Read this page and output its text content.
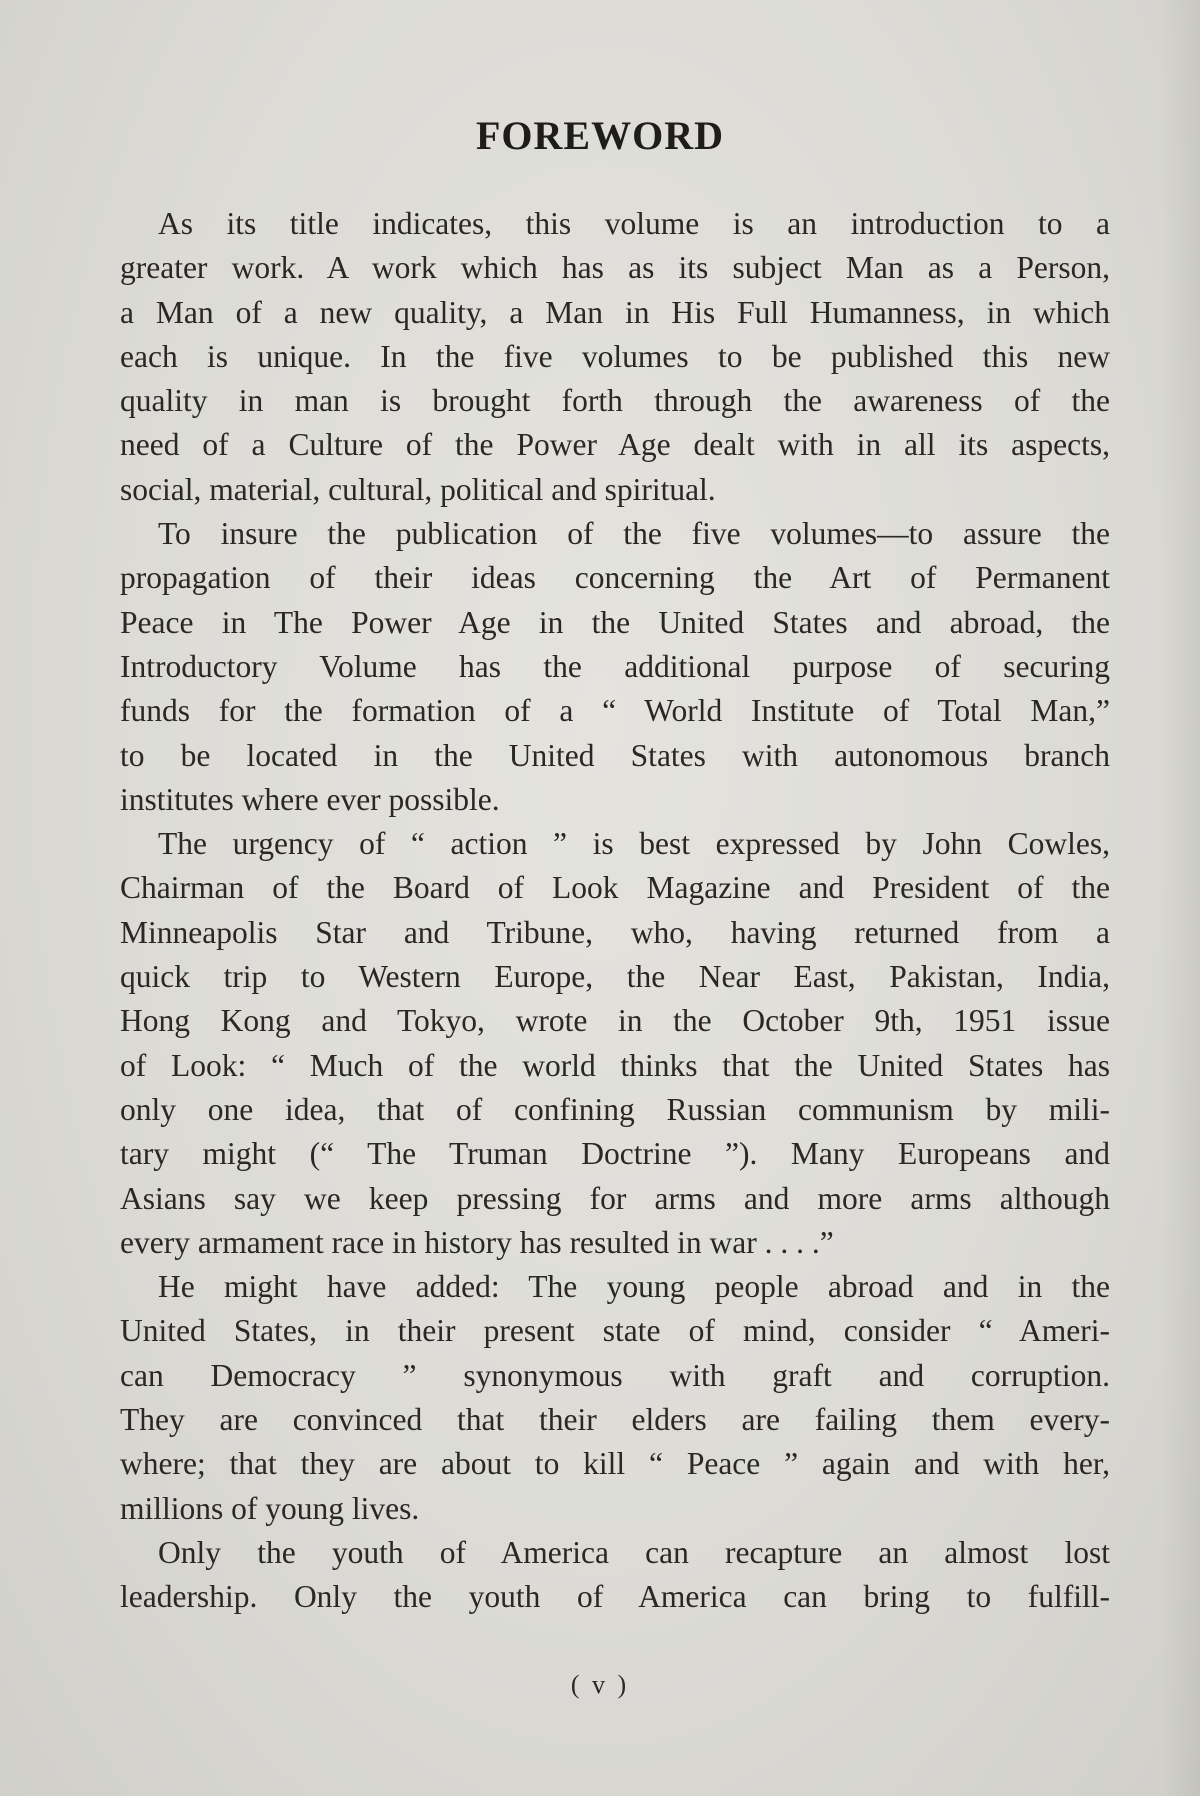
FOREWORD

As its title indicates, this volume is an introduction to a
greater work. A work which has as its subject Man as a Person,
a Man of a new quality, a Man in His Full Humanness, in which
each is unique. In the five volumes to be published this new
quality in man is brought forth through the awareness of the
need of a Culture of the Power Age dealt with in all its aspects,
social, material, cultural, political and spiritual.

To insure the publication of the five volumes—to assure the
propagation of their ideas concerning the Art of Permanent
Peace in The Power Age in the United States and abroad, the
Introductory Volume has the additional purpose of securing
funds for the formation of a “ World Institute of Total Man,”
to be located in the United States with autonomous branch
institutes where ever possible.

The urgency of “ action ” is best expressed by John Cowles,
Chairman of the Board of Look Magazine and President of the
Minneapolis Star and Tribune, who, having returned from a
quick trip to Western Europe, the Near East, Pakistan, India,
Hong Kong and Tokyo, wrote in the October 9th, 1951 issue
of Look: “ Much of the world thinks that the United States has
only one idea, that of confining Russian communism by mili-
tary might (“ The Truman Doctrine ”). Many Europeans and
Asians say we keep pressing for arms and more arms although
every armament race in history has resulted in war . . . .”

He might have added: The young people abroad and in the
United States, in their present state of mind, consider “ Ameri-
can Democracy ” synonymous with graft and corruption.
They are convinced that their elders are failing them every-
where; that they are about to kill “ Peace ” again and with her,
millions of young lives.

Only the youth of America can recapture an almost lost
leadership. Only the youth of America can bring to fulfill-

( v )
